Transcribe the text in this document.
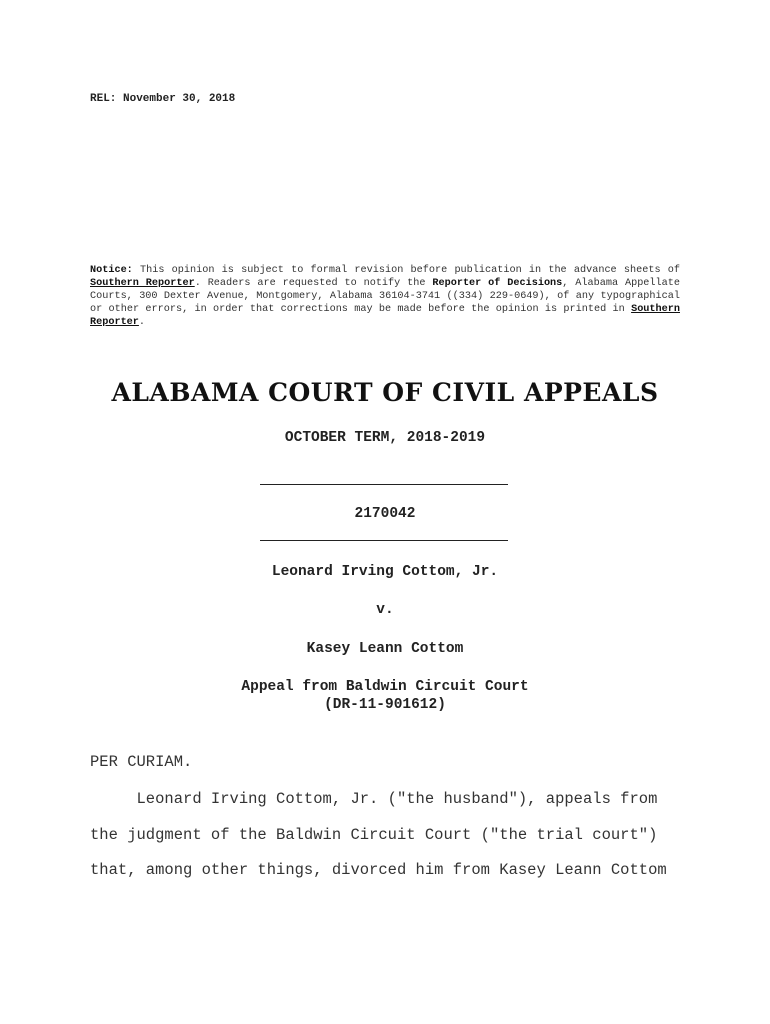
REL: November 30, 2018
Notice: This opinion is subject to formal revision before publication in the advance sheets of Southern Reporter. Readers are requested to notify the Reporter of Decisions, Alabama Appellate Courts, 300 Dexter Avenue, Montgomery, Alabama 36104-3741 ((334) 229-0649), of any typographical or other errors, in order that corrections may be made before the opinion is printed in Southern Reporter.
ALABAMA COURT OF CIVIL APPEALS
OCTOBER TERM, 2018-2019
2170042
Leonard Irving Cottom, Jr.
v.
Kasey Leann Cottom
Appeal from Baldwin Circuit Court
(DR-11-901612)
PER CURIAM.
Leonard Irving Cottom, Jr. ("the husband"), appeals from
the judgment of the Baldwin Circuit Court ("the trial court")
that, among other things, divorced him from Kasey Leann Cottom
